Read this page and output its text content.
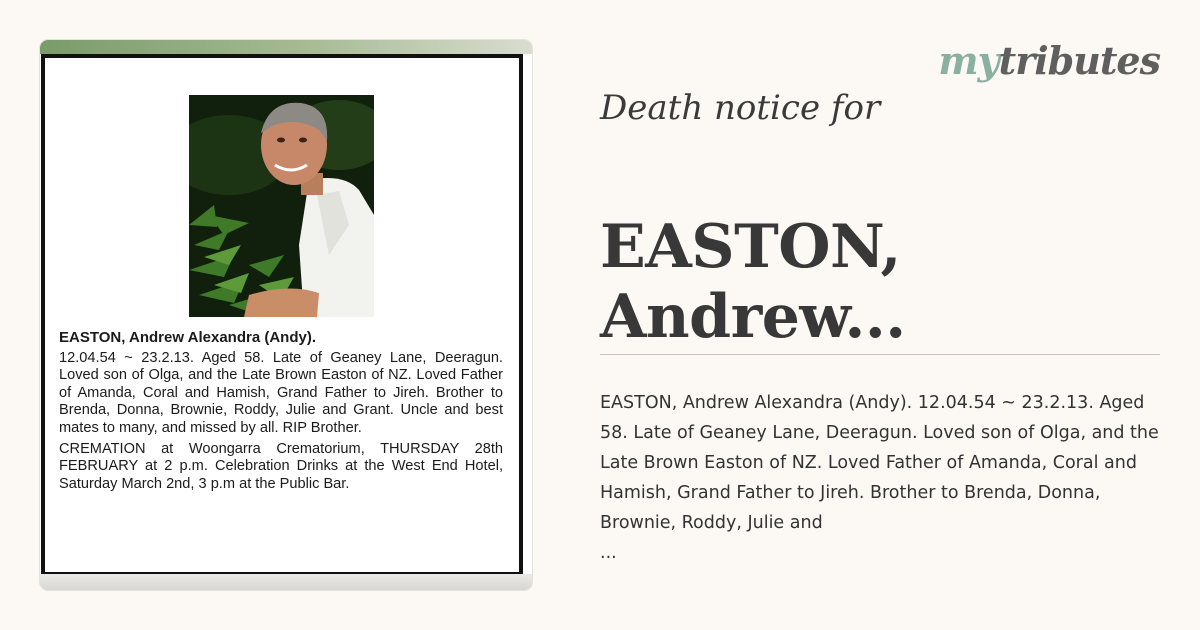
mytributes
EASTON, Andrew Alexandra (Andy).

12.04.54 ~ 23.2.13. Aged 58. Late of Geaney Lane, Deeragun. Loved son of Olga, and the Late Brown Easton of NZ. Loved Father of Amanda, Coral and Hamish, Grand Father to Jireh. Brother to Brenda, Donna, Brownie, Roddy, Julie and Grant. Uncle and best mates to many, and missed by all. RIP Brother.

CREMATION at Woongarra Crematorium, THURSDAY 28th FEBRUARY at 2 p.m. Celebration Drinks at the West End Hotel, Saturday March 2nd, 3 p.m at the Public Bar.

Death notice for
EASTON, Andrew...
EASTON, Andrew Alexandra (Andy). 12.04.54 ~ 23.2.13. Aged 58. Late of Geaney Lane, Deeragun. Loved son of Olga, and the Late Brown Easton of NZ. Loved Father of Amanda, Coral and Hamish, Grand Father to Jireh. Brother to Brenda, Donna, Brownie, Roddy, Julie and
...
